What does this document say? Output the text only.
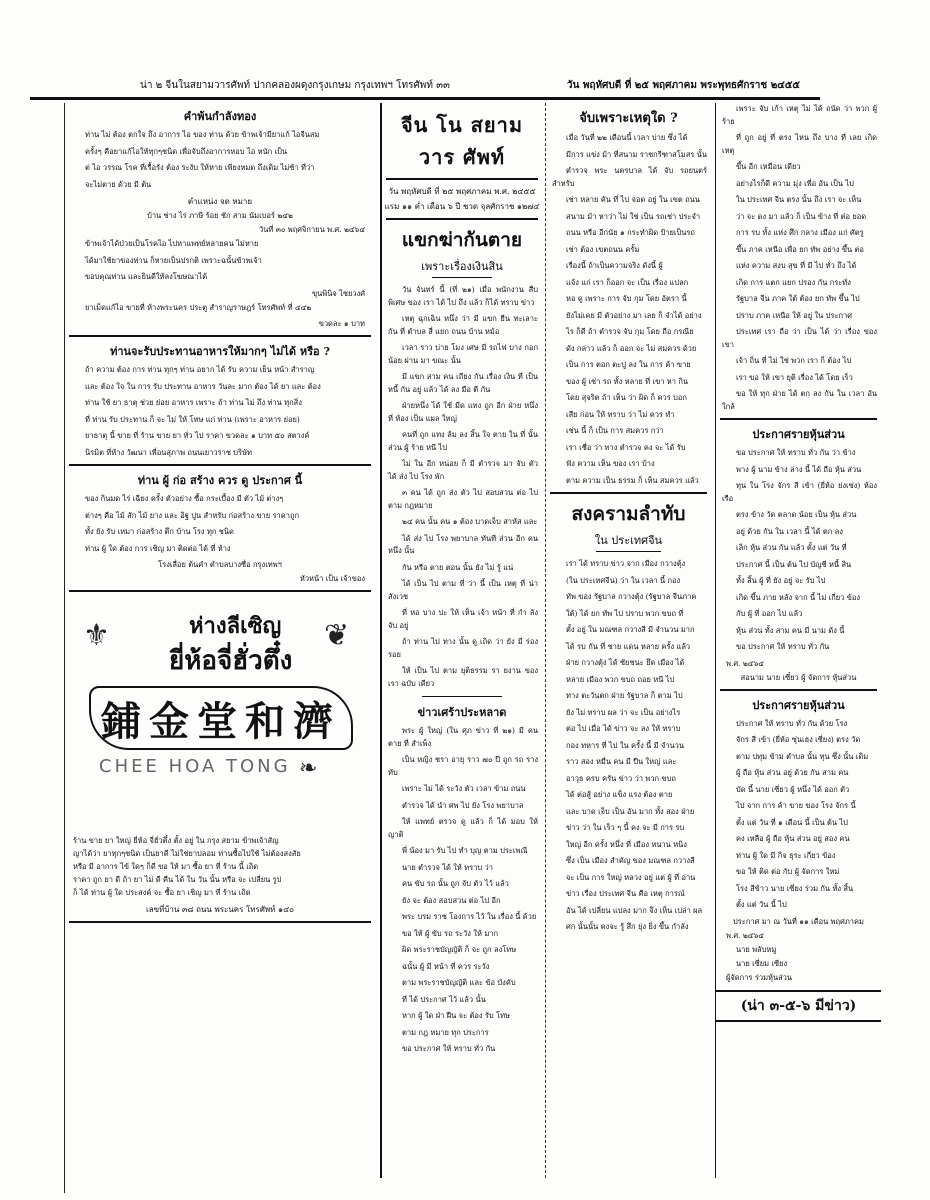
น่า ๒ จีนในสยามวารศัพท์ ปากคลองผดุงกรุงเกษม กรุงเทพฯ โทรศัพท์ ๓๓	วัน พฤหัศบดี ที่ ๒๕ พฤศภาคม พระพุทธศักราช ๒๔๕๕
คำพ้นกำลังทอง

ท่าน ไม่ ต้อง ตกใจ ถึง อาการ ไอ ของ ท่าน ด้วย ข้าพเจ้ามียาแก้ ไอจีนสม

ครั้งๆ คือยาแก้ไอให้ทุกๆชนิด เพื่อจับถึงอาการหอบ ไอ หนัก เป็น

ต่ ไอ วรรณ โรค ที่เรื้อรัง ต้อง ระงับ ให้หาย เพียงหมด ถึงเดิม ไม่ช้า ที่ว่า

จะไม่ตาย ด้วย มี ต้น

ตำแหน่ง จด หมาย
บ้าน ช่าง ไร่ ภาษี ร้อย ชัก สาม นัมเบอร์ ๒๔๒
วันที่ ๓๐ พฤศจิกายน พ.ศ. ๒๔๖๔

ข้าพเจ้าได้ป่วยเป็นโรคไอ ไปหาแพทย์หลายคน ไม่หาย

ได้มาใช้ยาของท่าน ก็หายเป็นปรกติ เพราะฉนั้นข้าพเจ้า

ขอบคุณท่าน และยินดีให้ลงโฆษณาได้

ขุนพินิจ ไชยวงศ์

ยาเม็ดแก้ไอ ขายที่ ห้างพระนคร ประตู สำราญราษฎร์ โทรศัพท์ ที่ ๔๔๒

ขวดละ ๑ บาท
ท่านจะรับประทานอาหารให้มากๆ ไม่ได้ หรือ ?

ถ้า ความ ต้อง การ ท่าน ทุกๆ ท่าน อยาก ได้ รับ ความ เย็น หน้า สำราญ

และ ต้อง ใจ ใน การ รับ ประทาน อาหาร วันละ มาก ต้อง ได้ ยา และ ต้อง

ท่าน ใช้ ยา ธาตุ ช่วย ย่อย อาหาร เพราะ ถ้า ท่าน ไม่ ถึง ท่าน ทุกสิ่ง

ที่ ท่าน รับ ประทาน ก็ จะ ไม่ ให้ โทษ แก่ ท่าน (เพราะ อาหาร ย่อย)

ยาธาตุ นี้ ขาย ที่ ร้าน ขาย ยา ทั่ว ไป ราคา ขวดละ ๑ บาท ๕๐ สตางค์

นิรมิต ที่ห้าง วัฒนา เพื่อนสุภาพ ถนนเยาวราช บริษัท

ท่าน ผู้ ก่อ สร้าง ควร ดู ประกาศ นี้

ของ กินมด ไร่ เฉียง ครั้ง ตัวอย่าง ซื้อ กระเบื้อง มี ตัว ไม้ ต่างๆ

ต่างๆ คือ ไม้ สัก ไม้ ยาง และ อิฐ ปูน สำหรับ ก่อสร้าง ขาย ราคาถูก

ทั้ง ยัง รับ เหมา ก่อสร้าง ตึก บ้าน โรง ทุก ชนิด

ท่าน ผู้ ใด ต้อง การ เชิญ มา ติดต่อ ได้ ที่ ห้าง

โรงเลื่อย ต้นคำ ตำบลบางซื่อ กรุงเทพฯ
หัวหน้า เป็น เจ้าของ
⚜	❦
ห่างลีเซิญ
ยี่ห้อจี่ฮั่วตึ๋ง
鋪金堂和濟
CHEE HOA TONG ❧
ร้าน ขาย ยา ใหญ่ ยี่ห้อ จี่ฮั่วตึ๋ง ตั้ง อยู่ ใน กรุง สยาม ข้าพเจ้าสัญ
ญาได้ว่า ยาทุกๆชนิด เป็นยาดี ไม่ใช่ยาปลอม ท่านซื้อไปใช้ ไม่ต้องสงสัย
หรือ มี อาการ ไข้ ใดๆ ก็ดี ขอ ให้ มา ซื้อ ยา ที่ ร้าน นี้ เถิด
ราคา ถูก ยา ดี ถ้า ยา ไม่ ดี คืน ได้ ใน วัน นั้น หรือ จะ เปลี่ยน รูป
ก็ ได้ ท่าน ผู้ ใด ประสงค์ จะ ซื้อ ยา เชิญ มา ที่ ร้าน เถิด
เลขที่บ้าน ๓๘ ถนน พระนคร โทรศัพท์ ๑๔๐
จีน โน สยาม วาร ศัพท์
วัน พฤหัศบดี ที่ ๒๕ พฤศภาคม พ.ศ. ๒๔๕๕
แรม ๑๑ ค่ำ เดือน ๖ ปี ชวด จุลศักราช ๑๒๗๔
แขกฆ่ากันตาย
เพราะเรื่องเงินสิน

วัน จันทร์ นี้ (ที่ ๒๑) เมื่อ พนักงาน สืบ พิเศษ ของ เรา ได้ ไป ถึง แล้ว ก็ได้ ทราบ ข่าว

เหตุ ฉุกเฉิน หนึ่ง ว่า มี แขก ยืน ทะเลาะ กัน ที่ ตำบล สี่ แยก ถนน บ้าน หม้อ

เวลา ราว บ่าย โมง เศษ มี รถไฟ บาง กอก น้อย ผ่าน มา ขณะ นั้น

มี แขก สาม คน เถียง กัน เรื่อง เงิน ที่ เป็น หนี้ กัน อยู่ แล้ว ได้ ลง มือ ตี กัน

ฝ่ายหนึ่ง ได้ ใช้ มีด แทง ถูก อีก ฝ่าย หนึ่ง ที่ ท้อง เป็น แผล ใหญ่

คนที่ ถูก แทง ล้ม ลง สิ้น ใจ ตาย ใน ที่ นั้น ส่วน ผู้ ร้าย หนี ไป

ไม่ ใน อีก หน่อย ก็ มี ตำรวจ มา จับ ตัว ได้ ส่ง ไป โรง พัก

๓ คน ได้ ถูก ส่ง ตัว ไป สอบสวน ต่อ ไป ตาม กฎหมาย

๒๔ คน นั้น คน ๑ ต้อง บาดเจ็บ สาหัส และ

ได้ ส่ง ไป โรง พยาบาล ทันที ส่วน อีก คน หนึ่ง นั้น

กัน หรือ ตาย ตอน นั้น ยัง ไม่ รู้ แน่

ได้ เป็น ไป ตาม ที่ ว่า นี้ เป็น เหตุ ที่ น่า สังเวช

ที่ หอ บาง ปะ ให้ เห็น เจ้า หน้า ที่ กำ ลัง จับ อยู่

ถ้า ท่าน ไป ทาง นั้น ดู เถิด ว่า ยัง มี ร่อง รอย

ให้ เป็น ไป ตาม ยุติธรรม รา ยงาน ของ เรา ฉบับ เดียว

ข่าวเศร้าประหลาด

พระ ผู้ ใหญ่ (ใน ศุภ ข่าว ที่ ๒๑) มี คน ตาย ที่ สำเพ็ง

เป็น หญิง ชรา อายุ ราว ๗๐ ปี ถูก รถ ราง ทับ

เพราะ ไม่ ได้ ระวัง ตัว เวลา ข้าม ถนน

ตำรวจ ได้ นำ ศพ ไป ยัง โรง พยาบาล

ให้ แพทย์ ตรวจ ดู แล้ว ก็ ได้ มอบ ให้ ญาติ

พี่ น้อง มา รับ ไป ทำ บุญ ตาม ประเพณี

นาย ตำรวจ ได้ ให้ ทราบ ว่า

คน ขับ รถ นั้น ถูก จับ ตัว ไว้ แล้ว

ยัง จะ ต้อง สอบสวน ต่อ ไป อีก

พระ บรม ราช โองการ ไว้ ใน เรื่อง นี้ ด้วย

ขอ ให้ ผู้ ขับ รถ ระวัง ให้ มาก

ผิด พระราชบัญญัติ ก็ จะ ถูก ลงโทษ

ฉนั้น ผู้ มี หน้า ที่ ควร ระวัง

ตาม พระราชบัญญัติ และ ข้อ บังคับ

ที่ ได้ ประกาศ ไว้ แล้ว นั้น

หาก ผู้ ใด ฝ่า ฝืน จะ ต้อง รับ โทษ

ตาม กฎ หมาย ทุก ประการ

ขอ ประกาศ ให้ ทราบ ทั่ว กัน

จับเพราะเหตุใด ?

เมื่อ วันที่ ๒๒ เดือนนี้ เวลา บ่าย ซึ่ง ได้

มีการ แข่ง ม้า ที่สนาม ราชกรีฑาสโมสร นั้น

ตำรวจ พระ นครบาล ได้ จับ รถยนตร์ สำหรับ

เช่า หลาย คัน ที่ ไป จอด อยู่ ใน เขต ถนน

สนาม ม้า หาว่า ไม่ ใช่ เป็น รถเช่า ประจำ

ถนน หรือ อีกนัย ๑ กระทำผิด ป้ายเป็นรถ

เช่า ต้อง เขตถนน ครั้ม

เรื่องนี้ ถ้าเป็นความจริง ดังนี้ ผู้

แจ้ง แก่ เรา ก็ออก จะ เป็น เรื่อง แปลก

หอ ดู เพราะ การ จับ กุม โดย อัตรา นี้

ยังไม่เคย มี ตัวอย่าง มา เลย ก็ จำได้ อย่าง

ไร ก็ดี ถ้า ตำรวจ จับ กุม โดย ถือ กรณีย

ดัง กล่าว แล้ว ก็ ออก จะ ไม่ สมควร ด้วย

เป็น การ ตอก ตะปู ลง ใน การ ค้า ขาย

ของ ผู้ เช่า รถ ทั้ง หลาย ที่ เขา หา กิน

โดย สุจริต ถ้า เห็น ว่า ผิด ก็ ควร บอก

เสีย ก่อน ให้ ทราบ ว่า ไม่ ควร ทำ

เช่น นี้ ก็ เป็น การ สมควร กว่า

เรา เชื่อ ว่า ทาง ตำรวจ คง จะ ได้ รับ

ฟัง ความ เห็น ของ เรา บ้าง

ตาม ความ เป็น ธรรม ก็ เห็น สมควร แล้ว

สงครามลำทับ
ใน ประเทศจีน

เรา ได้ ทราบ ข่าว จาก เมือง กวางตุ้ง

(ใน ประเทศจีน) ว่า ใน เวลา นี้ กอง

ทัพ ของ รัฐบาล กวางตุ้ง (รัฐบาล จีนภาค

ใต้) ได้ ยก ทัพ ไป ปราบ พวก ขบถ ที่

ตั้ง อยู่ ใน มณฑล กวางสี มี จำนวน มาก

ได้ รบ กัน ที่ ชาย แดน หลาย ครั้ง แล้ว

ฝ่าย กวางตุ้ง ได้ ชัยชนะ ยึด เมือง ได้

หลาย เมือง พวก ขบถ ถอย หนี ไป

ทาง ตะวันตก ฝ่าย รัฐบาล ก็ ตาม ไป

ยัง ไม่ ทราบ ผล ว่า จะ เป็น อย่างไร

ต่อ ไป เมื่อ ได้ ข่าว จะ ลง ให้ ทราบ

กอง ทหาร ที่ ไป ใน ครั้ง นี้ มี จำนวน

ราว สอง หมื่น คน มี ปืน ใหญ่ และ

อาวุธ ครบ ครัน ข่าว ว่า พวก ขบถ

ได้ ต่อสู้ อย่าง แข็ง แรง ต้อง ตาย

และ บาด เจ็บ เป็น อัน มาก ทั้ง สอง ฝ่าย

ข่าว ว่า ใน เร็ว ๆ นี้ คง จะ มี การ รบ

ใหญ่ อีก ครั้ง หนึ่ง ที่ เมือง หนาน หนิง

ซึ่ง เป็น เมือง สำคัญ ของ มณฑล กวางสี

จะ เป็น การ ใหญ่ หลวง อยู่ แต่ ผู้ ที่ อ่าน

ข่าว เรื่อง ประเทศ จีน คือ เหตุ การณ์

อัน ได้ เปลี่ยน แปลง มาก จึง เห็น เปล่า ผล

ศก นั้นนั้น คงจะ รู้ สึก ยุ่ง ยิ่ง ขึ้น กำลัง

เพราะ จับ เก้า เหตุ ไม่ ได้ ถนัด ว่า พวก ผู้ ร้าย

ที่ ถูก อยู่ ที่ ตรง ไหน ถึง บาง ที่ เลย เกิด เหตุ

ขึ้น อีก เหมือน เดียว

อย่างไรก็ดี ความ มุ่ง เพื่อ อัน เป็น ไป

ใน ประเทศ จีน ตรง นั้น ถึง เรา จะ เห็น

ว่า จะ ดง มา แล้ว ก็ เป็น ข้าง ที่ ต่อ ยอด

การ รบ ทั้ง แห่ง ศึก กลาง เมือง แก่ ศัตรู

ขึ้น ภาค เหนือ เพื่อ ยก ทัพ อย่าง ขึ้น ต่อ

แห่ง ความ สงบ สุข ที่ มี ไป ทั่ว ถึง ได้

เกิด การ แตก แยก ปรอง กัน กระทั่ง

รัฐบาล จีน ภาค ใต้ ต้อง ยก ทัพ ขึ้น ไป

ปราบ ภาค เหนือ ให้ อยู่ ใน ประกาศ

ประเทศ เรา ถือ ว่า เป็น ได้ ว่า เรื่อง ของ เขา

เจ้า ถิ่น ที่ ไม่ ใช่ พวก เรา ก็ ต้อง ไป

เรา ขอ ให้ เขา ยุติ เรื่อง ได้ โดย เร็ว

ขอ ให้ ทุก ฝ่าย ได้ ตก ลง กัน ใน เวลา อัน ใกล้

ประกาศรายหุ้นส่วน

ขอ ประกาศ ให้ ทราบ ทั่ว กัน ว่า ข้าง

พาง ผู้ นาม ข้าง ล่าง นี้ ได้ ถือ หุ้น ส่วน

ทุน ใน โรง จักร สี เข้า (ยี่ห้อ ย่งเซ่ง) ห้อง เรือ

ตรง ข้าง วัด ตลาด น้อย เป็น หุ้น ส่วน

อยู่ ด้วย กัน ใน เวลา นี้ ได้ ตก ลง

เลิก หุ้น ส่วน กัน แล้ว ตั้ง แต่ วัน ที่

ประกาศ นี้ เป็น ต้น ไป บัญชี หนี้ สิน

ทั้ง สิ้น ผู้ ที่ ยัง อยู่ จะ รับ ไป

เกิด ขึ้น ภาย หลัง จาก นี้ ไม่ เกี่ยว ข้อง

กับ ผู้ ที่ ออก ไป แล้ว

หุ้น ส่วน ทั้ง สาม คน มี นาม ดัง นี้

ขอ ประกาศ ให้ ทราบ ทั่ว กัน

พ.ศ. ๒๔๖๔
สอนาม นาย เซี๋ยว ผู้ จัดการ หุ้นส่วน
ประกาศรายหุ้นส่วน

ประกาศ ให้ ทราบ ทั่ว กัน ด้วย โรง

จักร สี เข้า (ยี่ห้อ ซุ่นเฮง เซี่ยง) ตรง วัด

ตาม ปทุม ข้าม ตำบล นั้น ทุน ซึ่ง นั้น เดิม

ผู้ ถือ หุ้น ส่วน อยู่ ด้วย กัน สาม คน

บัด นี้ นาย เซี่ยว ผู้ หนึ่ง ได้ ออก ตัว

ไป จาก การ ค้า ขาย ของ โรง จักร นี้

ตั้ง แต่ วัน ที่ ๑ เดือน นี้ เป็น ต้น ไป

คง เหลือ ผู้ ถือ หุ้น ส่วน อยู่ สอง คน

ท่าน ผู้ ใด มี กิจ ธุระ เกี่ยว ข้อง

ขอ ให้ ติด ต่อ กับ ผู้ จัดการ ใหม่

โรง สีข้าว นาย เซี่ยง ร่วม กัน ทั้ง สิ้น

ตั้ง แต่ วัน นี้ ไป

ประกาศ มา ณ วันที่ ๑๑ เดือน พฤศภาคม
พ.ศ. ๒๔๖๔
นาย พลับหมู
นาย เซี่ยม เซียง
ผู้จัดการ ร่วมหุ้นส่วน
(น่า ๓-๕-๖ มีข่าว)
